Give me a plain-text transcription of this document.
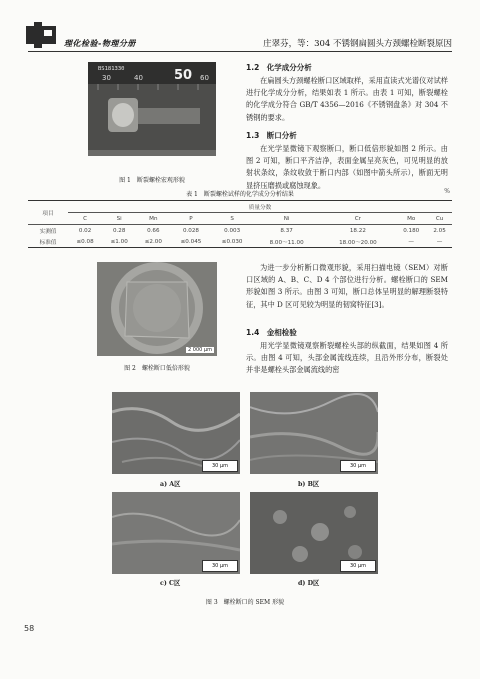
理化检验-物理分册	庄翠芬，等：304 不锈钢扁圆头方颈螺栓断裂原因
BS181330
30	40 50 60
图 1　断裂螺栓宏观形貌
1.2　化学成分分析
在扁圆头方颈螺栓断口区域取样，采用直读式光谱仪对试样进行化学成分分析，结果如表 1 所示。由表 1 可知，断裂螺栓的化学成分符合 GB/T 4356—2016《不锈钢盘条》对 304 不锈钢的要求。
1.3　断口分析
在光学显微镜下观察断口，断口低倍形貌如图 2 所示。由图 2 可知，断口平齐洁净，表面金属呈亮灰色，可见明显的放射状条纹，条纹收敛于断口内部（如图中箭头所示），断面无明显挤压磨损或腐蚀现象。
表 1　断裂螺栓试样的化学成分分析结果	%
项目	质量分数								
	C	Si	Mn	P	S	Ni	Cr	Mo	Cu
实测值	0.02	0.28	0.66	0.028	0.003	8.37	18.22	0.180	2.05
标准值	≤0.08	≤1.00	≤2.00	≤0.045	≤0.030	8.00～11.00	18.00～20.00	—	—
2 000 μm
图 2　螺栓断口低倍形貌
为进一步分析断口微观形貌，采用扫描电镜（SEM）对断口区域的 A、B、C、D 4 个部位进行分析。螺栓断口的 SEM 形貌如图 3 所示。由图 3 可知，断口总体呈明显的解理断裂特征，其中 D 区可见较为明显的韧窝特征[3]。
1.4　金相检验
用光学显微镜观察断裂螺栓头部的纵截面，结果如图 4 所示。由图 4 可知，头部金属流线连续，且沿外形分布，断裂处并非是螺栓头部金属流线的密
30 μm
a) A区
30 μm
b) B区
30 μm
c) C区
30 μm
d) D区
图 3　螺栓断口的 SEM 形貌
58
